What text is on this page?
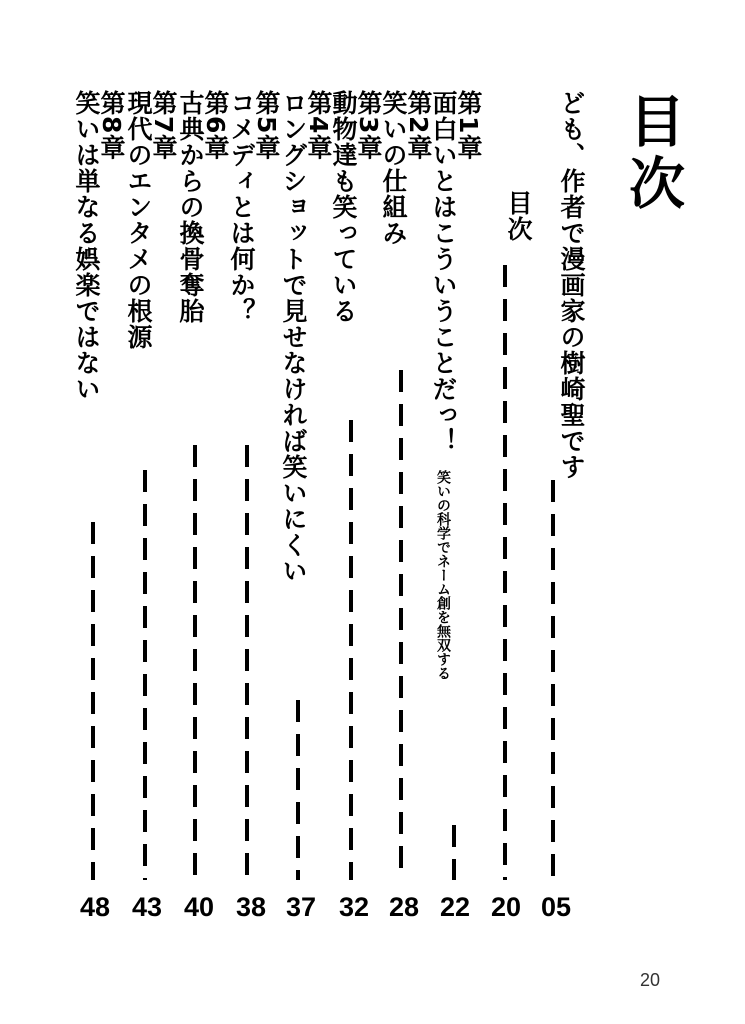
目次
ども、作者で漫画家の樹崎聖です
05
目次
20
第1章
面白いとはこういうことだっ！ 笑いの科学でネーム創を無双する
22
第2章
笑いの仕組み
28
第3章
動物達も笑っている
32
第4章
ロングショットで見せなければ笑いにくい
37
第5章
コメディとは何か？
38
第6章
古典からの換骨奪胎
40
第7章
現代のエンタメの根源
43
第8章
笑いは単なる娯楽ではない
48
20
